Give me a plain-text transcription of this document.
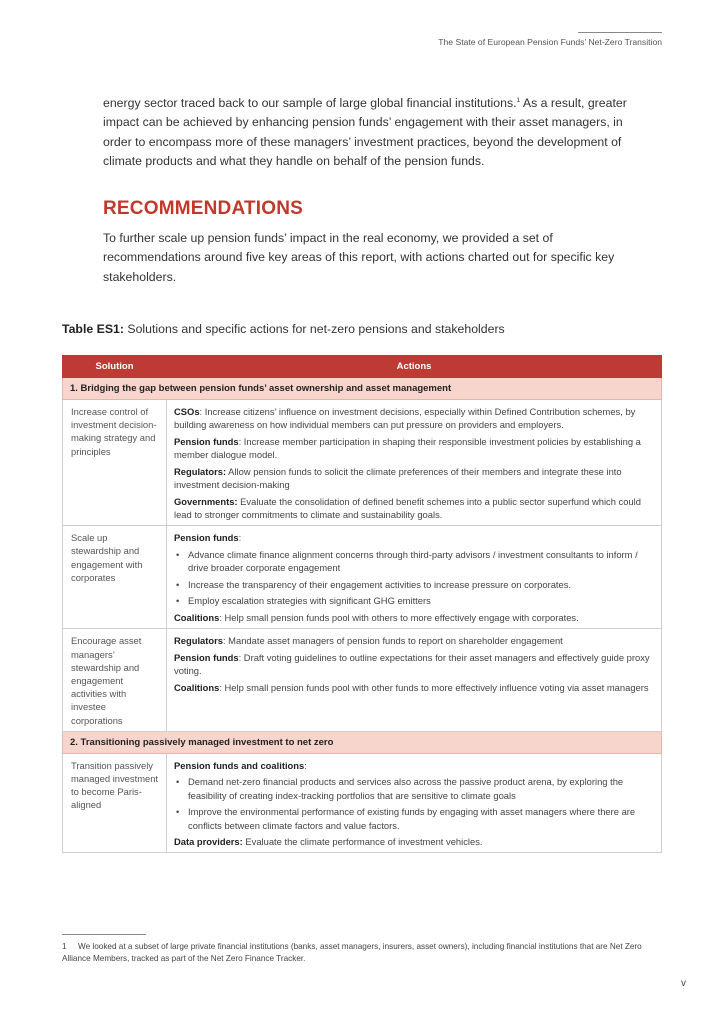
The State of European Pension Funds’ Net-Zero Transition

energy sector traced back to our sample of large global financial institutions.$^1$ As a result, greater impact can be achieved by enhancing pension funds’ engagement with their asset managers, in order to encompass more of these managers’ investment practices, beyond the development of climate products and what they handle on behalf of the pension funds.

RECOMMENDATIONS

To further scale up pension funds’ impact in the real economy, we provided a set of recommendations around five key areas of this report, with actions charted out for specific key stakeholders.

Table ES1: Solutions and specific actions for net-zero pensions and stakeholders
Solution	Actions
1. Bridging the gap between pension funds’ asset ownership and asset management	
Increase control of investment decision-making strategy and principles	CSOs: Increase citizens’ influence on investment decisions, especially within Defined Contribution schemes, by building awareness on how individual members can put pressure on providers and employers.

Pension funds: Increase member participation in shaping their responsible investment policies by establishing a member dialogue model.

Regulators: Allow pension funds to solicit the climate preferences of their members and integrate these into investment decision-making

Governments: Evaluate the consolidation of defined benefit schemes into a public sector superfund which could lead to stronger commitments to climate and sustainability goals.

Scale up stewardship and engagement with corporates	Pension funds:

• Advance climate finance alignment concerns through third-party advisors / investment consultants to inform / drive broader corporate engagement
• Increase the transparency of their engagement activities to increase pressure on corporates.
• Employ escalation strategies with significant GHG emitters

Coalitions: Help small pension funds pool with others to more effectively engage with corporates.

Encourage asset managers’ stewardship and engagement activities with investee corporations	Regulators: Mandate asset managers of pension funds to report on shareholder engagement

Pension funds: Draft voting guidelines to outline expectations for their asset managers and effectively guide proxy voting.

Coalitions: Help small pension funds pool with other funds to more effectively influence voting via asset managers

2. Transitioning passively managed investment to net zero	
Transition passively managed investment to become Paris-aligned	Pension funds and coalitions:

• Demand net-zero financial products and services also across the passive product arena, by exploring the feasibility of creating index-tracking portfolios that are sensitive to climate goals
• Improve the environmental performance of existing funds by engaging with asset managers where there are conflicts between climate factors and value factors.

Data providers: Evaluate the climate performance of investment vehicles.

1 We looked at a subset of large private financial institutions (banks, asset managers, insurers, asset owners), including financial institutions that are Net Zero Alliance Members, tracked as part of the Net Zero Finance Tracker.
v
